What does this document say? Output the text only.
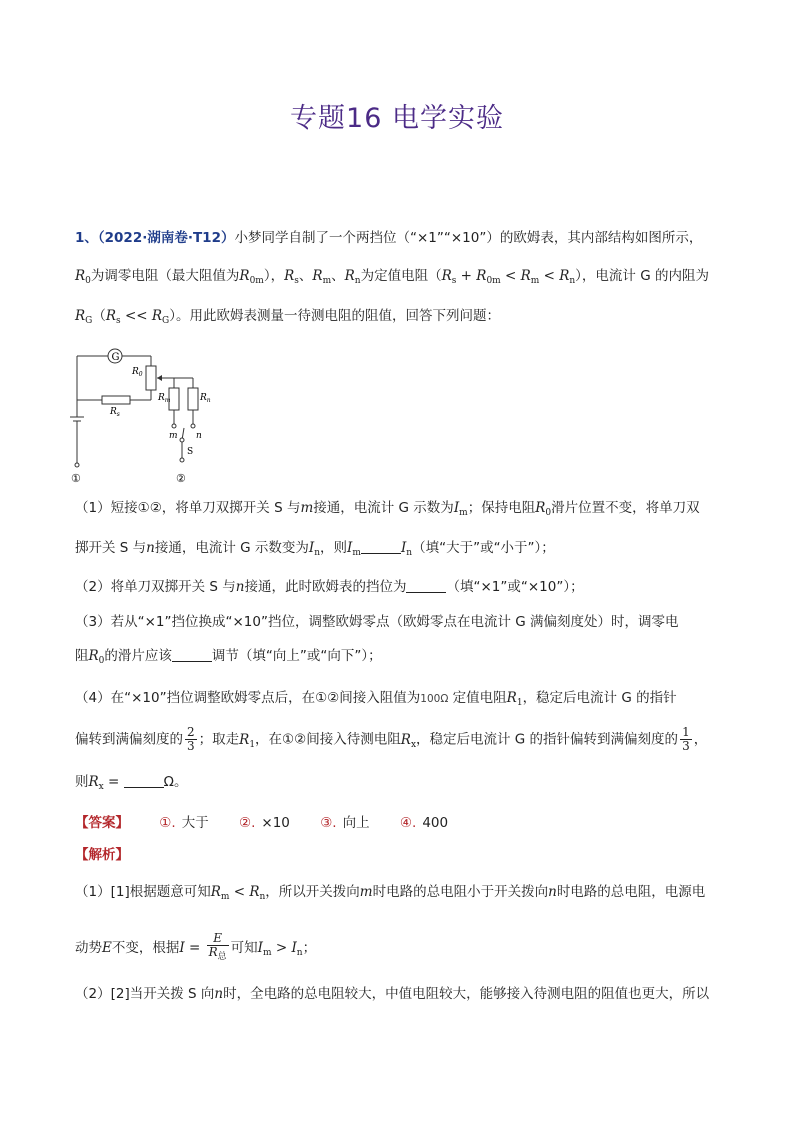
专题16 电学实验
1、（2022·湖南卷·T12）小梦同学自制了一个两挡位（“×1”“×10”）的欧姆表，其内部结构如图所示，
$R_0$为调零电阻（最大阻值为$R_{0m}$），$R_s$、$R_m$、$R_n$为定值电阻$(R_s + R_{0m} < R_m < R_n)$，电流计 G 的内阻为
$R_G(R_s << R_G)$。用此欧姆表测量一待测电阻的阻值，回答下列问题：
G
$R_0$
$R_s$
$R_m$	$R_n$
m n
S
①	②
（1）短接①②，将单刀双掷开关 S 与m接通，电流计 G 示数为$I_m$；保持电阻$R_0$滑片位置不变，将单刀双
掷开关 S 与n接通，电流计 G 示数变为$I_n$，则$I_m$	$I_n$（填“大于”或“小于”）；
（2）将单刀双掷开关 S 与n接通，此时欧姆表的挡位为	（填“×1”或“×10”）；
（3）若从“×1”挡位换成“×10”挡位，调整欧姆零点（欧姆零点在电流计 G 满偏刻度处）时，调零电
阻$R_0$的滑片应该	调节（填“向上”或“向下”）；
（4）在“×10”挡位调整欧姆零点后，在①②间接入阻值为100Ω 定值电阻$R_1$，稳定后电流计 G 的指针
偏转到满偏刻度的 $\frac{2}{3}$ ；取走$R_1$，在①②间接入待测电阻$R_x$，稳定后电流计 G 的指针偏转到满偏刻度的 $\frac{1}{3}$ ，
则$R_x$ =	Ω。
【答案】 ①. 大于 ②. ×10 ③. 向上 ④. 400
【解析】
（1）[1]根据题意可知$R_m < R_n$，所以开关拨向m时电路的总电阻小于开关拨向n时电路的总电阻，电源电
动势E不变，根据$I = \frac{E}{R_总}$ 可知$I_m > I_n$；
（2）[2]当开关拨 S 向n时，全电路的总电阻较大，中值电阻较大，能够接入待测电阻的阻值也更大，所以
